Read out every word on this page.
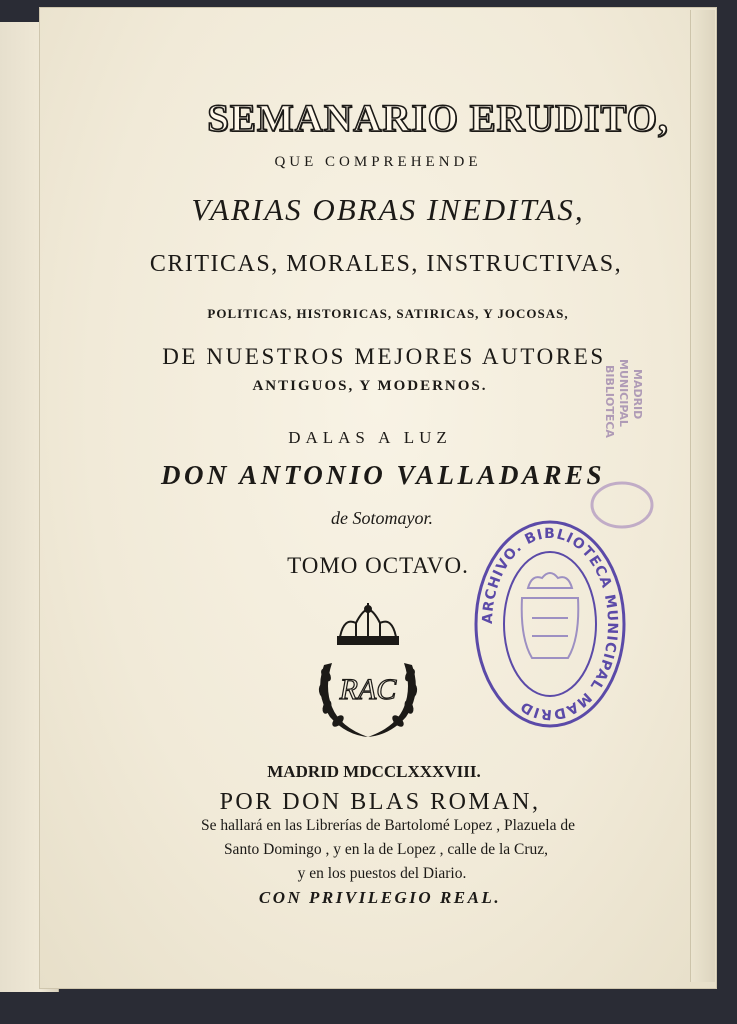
SEMANARIO ERUDITO,
QUE COMPREHENDE
VARIAS OBRAS INEDITAS,
CRITICAS, MORALES, INSTRUCTIVAS,
POLITICAS, HISTORICAS, SATIRICAS, Y JOCOSAS,
DE NUESTROS MEJORES AUTORES
ANTIGUOS, Y MODERNOS.
DALAS A LUZ
DON ANTONIO VALLADARES
de Sotomayor.
TOMO OCTAVO.
RAC
MADRID MDCCLXXXVIII.
POR DON BLAS ROMAN,
Se hallará en las Librerías de Bartolomé Lopez , Plazuela de
Santo Domingo , y en la de Lopez , calle de la Cruz,
y en los puestos del Diario.
CON PRIVILEGIO REAL.
BIBLIOTECA MUNICIPAL MADRID
ARCHIVO. BIBLIOTECA MUNICIPAL MADRID
